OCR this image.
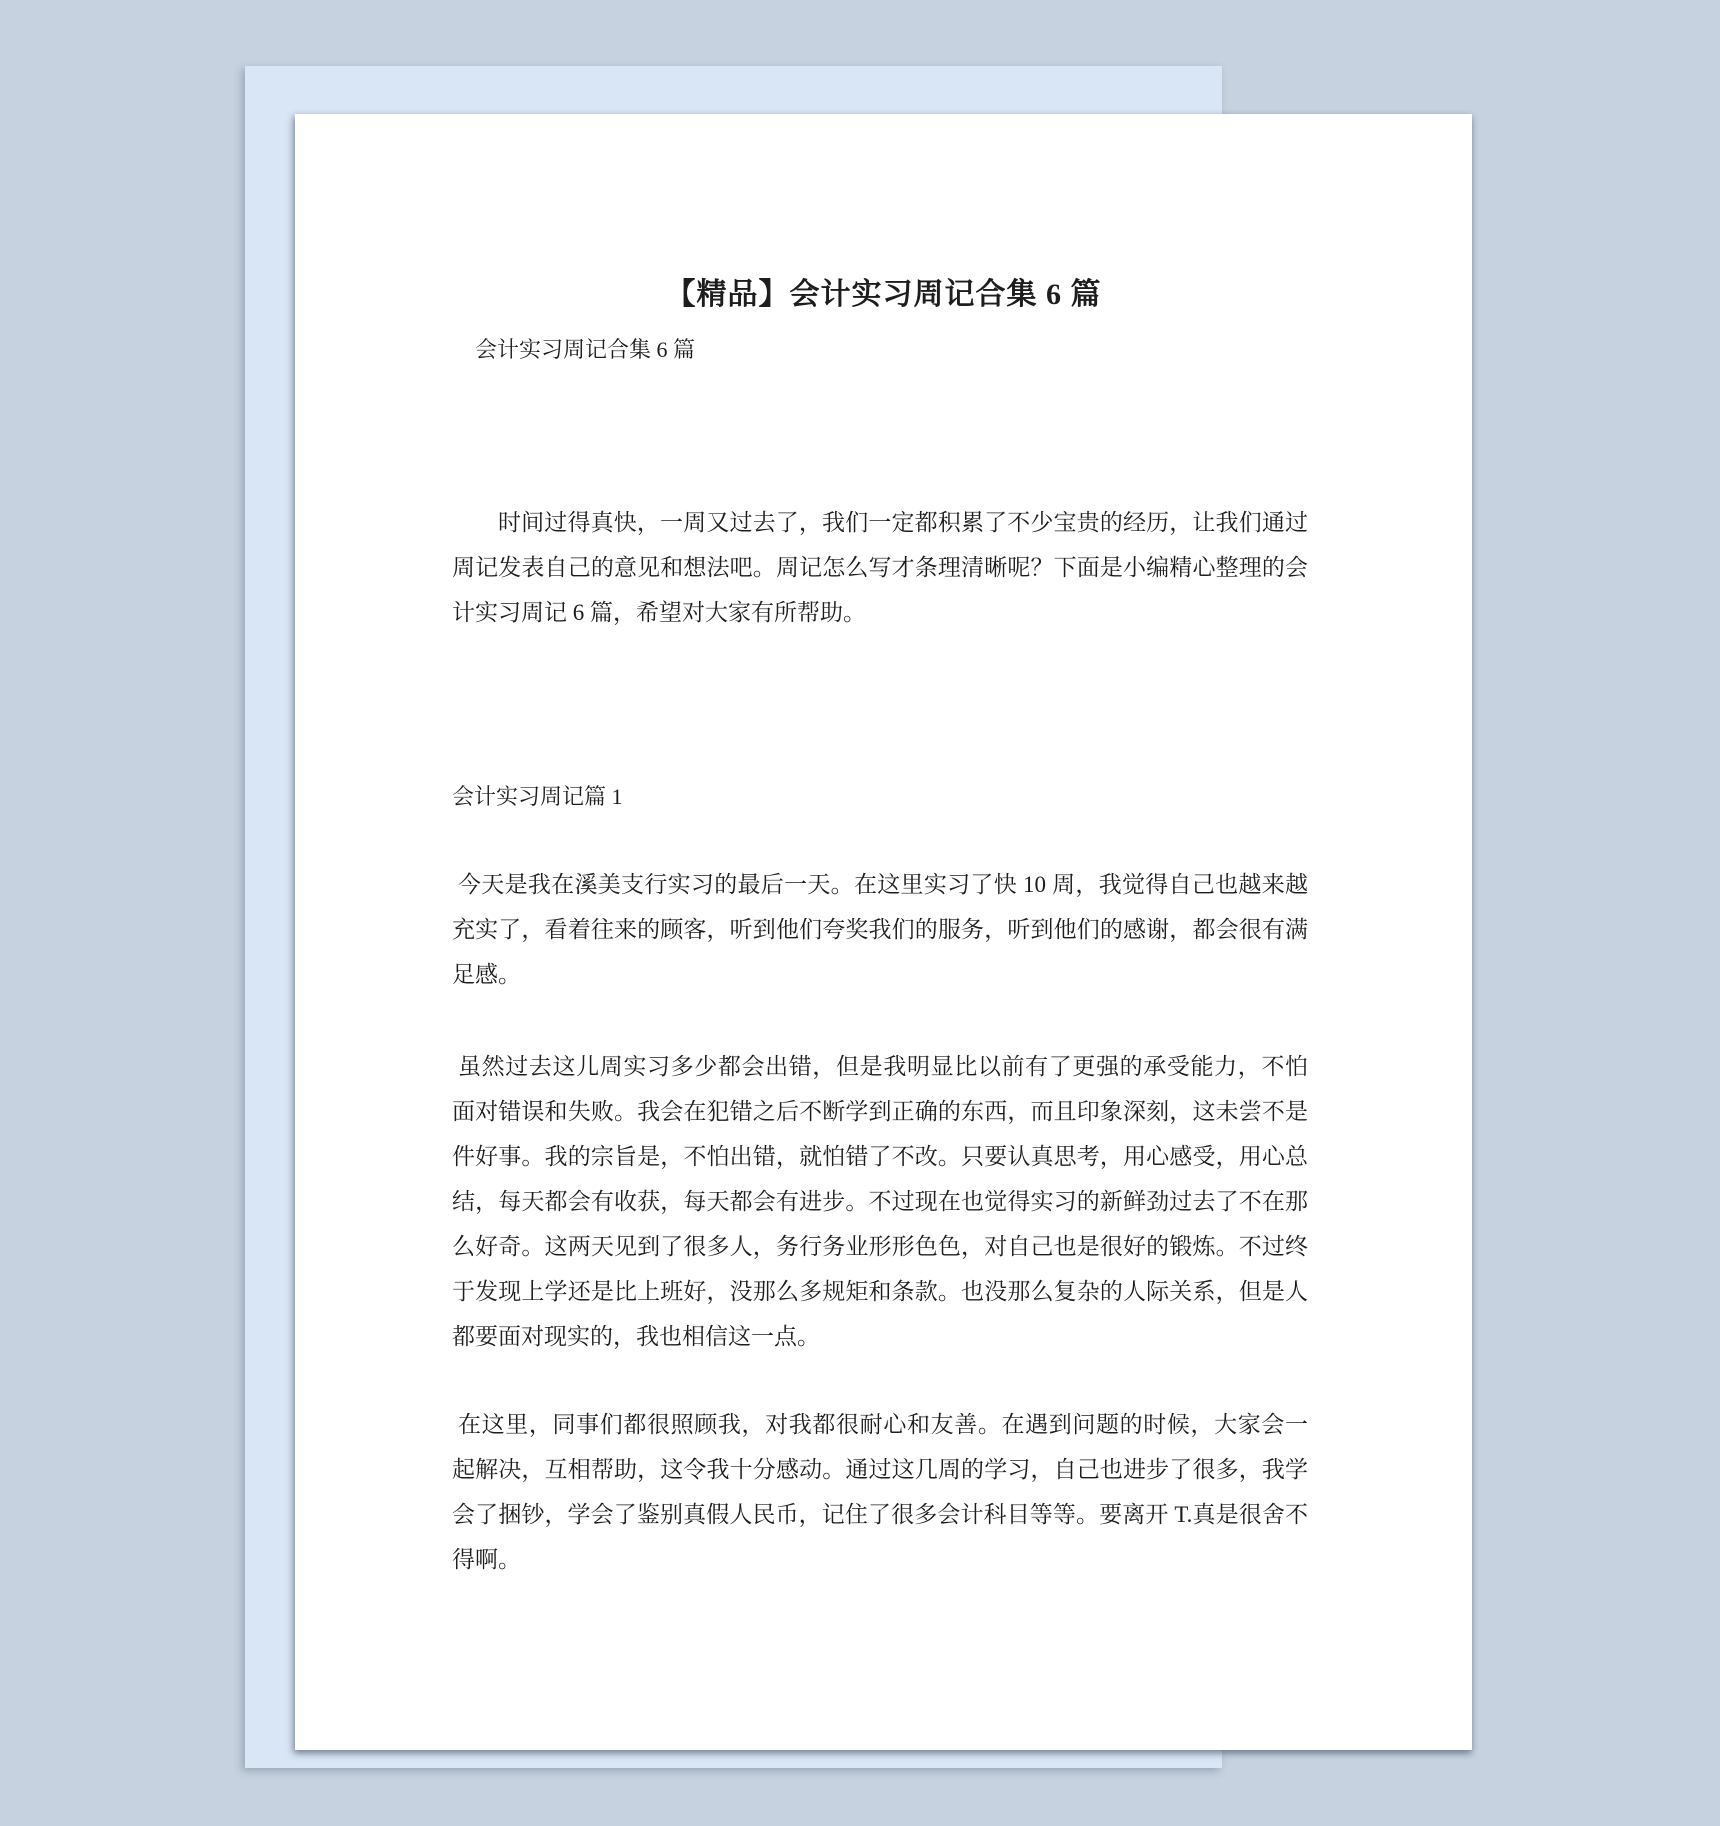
【精品】会计实习周记合集 6 篇

会计实习周记合集 6 篇

时间过得真快，一周又过去了，我们一定都积累了不少宝贵的经历，让我们通过周记发表自己的意见和想法吧。周记怎么写才条理清晰呢？下面是小编精心整理的会计实习周记 6 篇，希望对大家有所帮助。

会计实习周记篇 1

今天是我在溪美支行实习的最后一天。在这里实习了快 10 周，我觉得自己也越来越充实了，看着往来的顾客，听到他们夸奖我们的服务，听到他们的感谢，都会很有满足感。

虽然过去这儿周实习多少都会出错，但是我明显比以前有了更强的承受能力，不怕面对错误和失败。我会在犯错之后不断学到正确的东西，而且印象深刻，这未尝不是件好事。我的宗旨是，不怕出错，就怕错了不改。只要认真思考，用心感受，用心总结，每天都会有收获，每天都会有进步。不过现在也觉得实习的新鲜劲过去了不在那么好奇。这两天见到了很多人，务行务业形形色色，对自己也是很好的锻炼。不过终于发现上学还是比上班好，没那么多规矩和条款。也没那么复杂的人际关系，但是人都要面对现实的，我也相信这一点。

在这里，同事们都很照顾我，对我都很耐心和友善。在遇到问题的时候，大家会一起解决，互相帮助，这令我十分感动。通过这几周的学习，自己也进步了很多，我学会了捆钞，学会了鉴别真假人民币，记住了很多会计科目等等。要离开 T.真是很舍不得啊。
